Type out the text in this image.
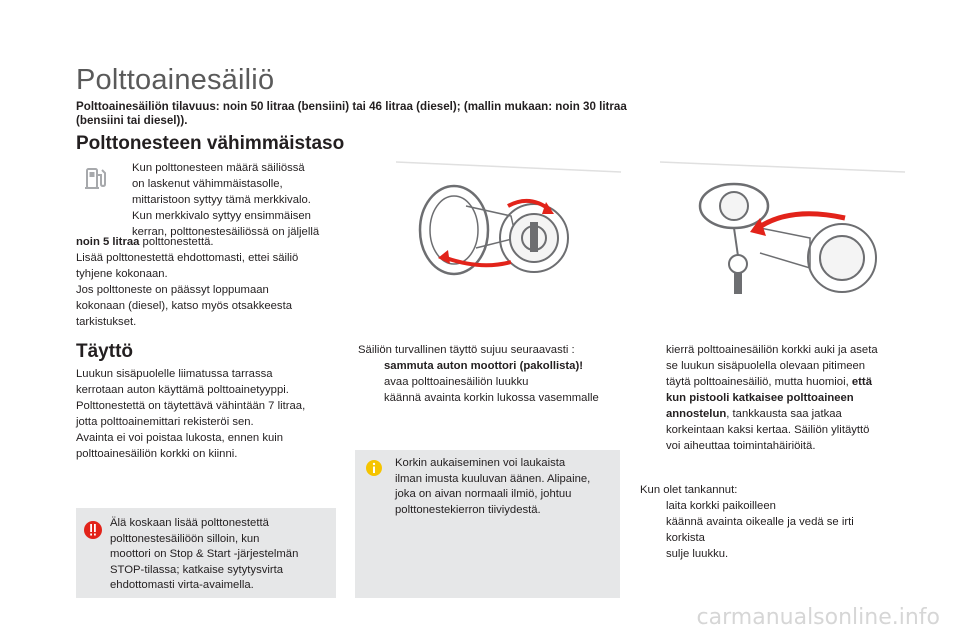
Polttoainesäiliö
Polttoainesäiliön tilavuus: noin 50 litraa (bensiini) tai 46 litraa (diesel); (mallin mukaan: noin 30 litraa (bensiini tai diesel)).
Polttonesteen vähimmäistaso
Kun polttonesteen määrä säiliössä
on laskenut vähimmäistasolle,
mittaristoon syttyy tämä merkkivalo.
Kun merkkivalo syttyy ensimmäisen
kerran, polttonestesäiliössä on jäljellä
noin 5 litraa polttonestettä.
Lisää polttonestettä ehdottomasti, ettei säiliö
tyhjene kokonaan.
Jos polttoneste on päässyt loppumaan
kokonaan (diesel), katso myös otsakkeesta
tarkistukset.
Täyttö
Luukun sisäpuolelle liimatussa tarrassa
kerrotaan auton käyttämä polttoainetyyppi.
Polttonestettä on täytettävä vähintään 7 litraa,
jotta polttoainemittari rekisteröi sen.
Avainta ei voi poistaa lukosta, ennen kuin
polttoainesäiliön korkki on kiinni.
Älä koskaan lisää polttonestettä
polttonestesäiliöön silloin, kun
moottori on Stop & Start -järjestelmän
STOP-tilassa; katkaise sytytysvirta
ehdottomasti virta-avaimella.
Säiliön turvallinen täyttö sujuu seuraavasti :
sammuta auton moottori (pakollista)!
avaa polttoainesäiliön luukku
käännä avainta korkin lukossa vasemmalle
Korkin aukaiseminen voi laukaista
ilman imusta kuuluvan äänen. Alipaine,
joka on aivan normaali ilmiö, johtuu
polttonestekierron tiiviydestä.
kierrä polttoainesäiliön korkki auki ja aseta
se luukun sisäpuolella olevaan pitimeen
täytä polttoainesäiliö, mutta huomioi, että
kun pistooli katkaisee polttoaineen
annostelun, tankkausta saa jatkaa
korkeintaan kaksi kertaa. Säiliön ylitäyttö
voi aiheuttaa toimintahäiriöitä.
Kun olet tankannut:
laita korkki paikoilleen
käännä avainta oikealle ja vedä se irti
korkista
sulje luukku.
carmanualsonline.info
